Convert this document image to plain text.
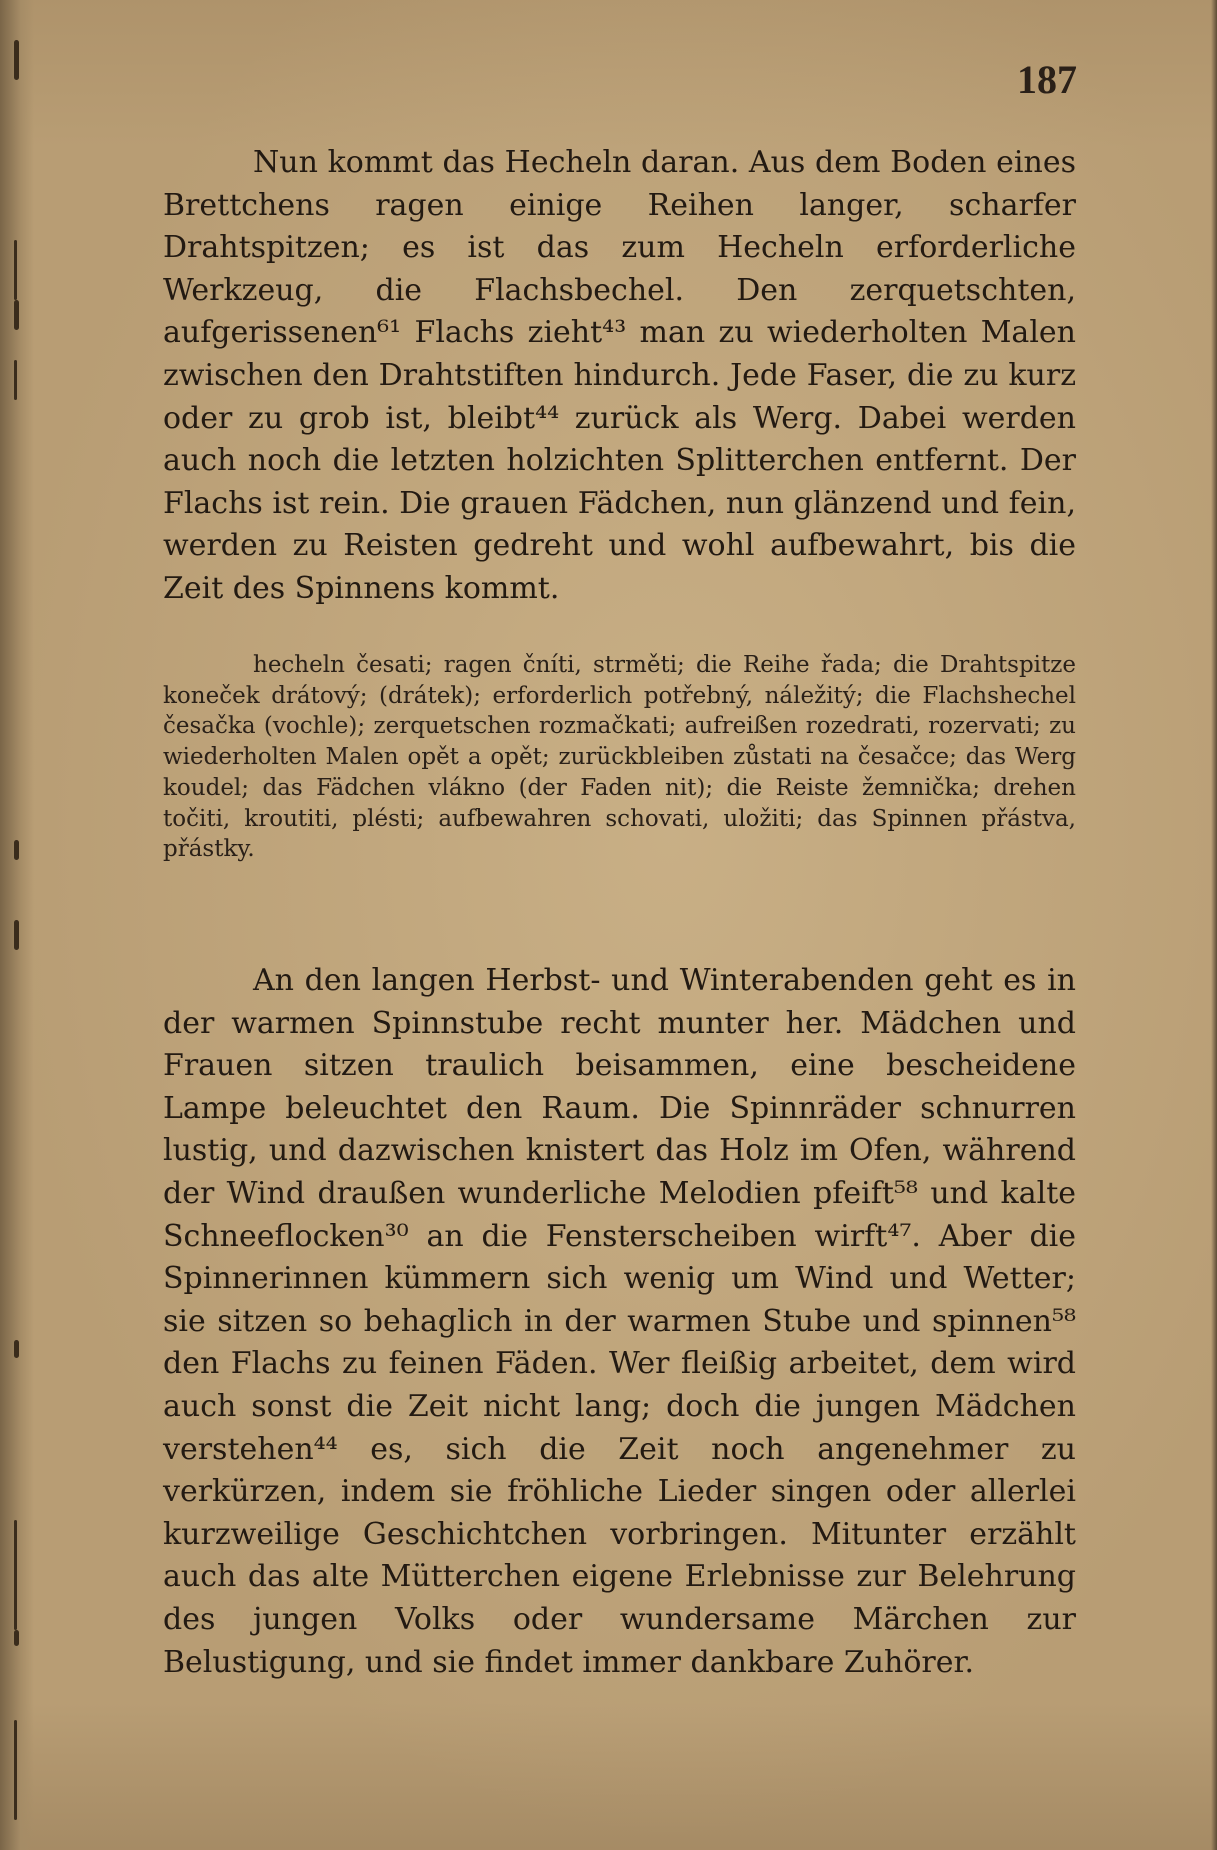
187

Nun kommt das Hecheln daran. Aus dem Boden eines Brettchens ragen einige Reihen langer, scharfer Drahtspitzen; es ist das zum Hecheln erforderliche Werkzeug, die Flachsbechel. Den zerquetschten, aufgerissenen⁶¹ Flachs zieht⁴³ man zu wiederholten Malen zwischen den Drahtstiften hindurch. Jede Faser, die zu kurz oder zu grob ist, bleibt⁴⁴ zurück als Werg. Dabei werden auch noch die letzten holzichten Splitterchen entfernt. Der Flachs ist rein. Die grauen Fädchen, nun glänzend und fein, werden zu Reisten gedreht und wohl aufbewahrt, bis die Zeit des Spinnens kommt.

hecheln česati; ragen čníti, strměti; die Reihe řada; die Drahtspitze koneček drátový; (drátek); erforderlich potřebný, náležitý; die Flachshechel česačka (vochle); zerquetschen rozmačkati; aufreißen rozedrati, rozervati; zu wiederholten Malen opět a opět; zurückbleiben zůstati na česačce; das Werg koudel; das Fädchen vlákno (der Faden nit); die Reiste žemnička; drehen točiti, kroutiti, plésti; aufbewahren schovati, uložiti; das Spinnen přástva, přástky.

An den langen Herbst- und Winterabenden geht es in der warmen Spinnstube recht munter her. Mädchen und Frauen sitzen traulich beisammen, eine bescheidene Lampe beleuchtet den Raum. Die Spinnräder schnurren lustig, und dazwischen knistert das Holz im Ofen, während der Wind draußen wunderliche Melodien pfeift⁵⁸ und kalte Schneeflocken³⁰ an die Fensterscheiben wirft⁴⁷. Aber die Spinnerinnen kümmern sich wenig um Wind und Wetter; sie sitzen so behaglich in der warmen Stube und spinnen⁵⁸ den Flachs zu feinen Fäden. Wer fleißig arbeitet, dem wird auch sonst die Zeit nicht lang; doch die jungen Mädchen verstehen⁴⁴ es, sich die Zeit noch angenehmer zu verkürzen, indem sie fröhliche Lieder singen oder allerlei kurzweilige Geschichtchen vorbringen. Mitunter erzählt auch das alte Mütterchen eigene Erlebnisse zur Belehrung des jungen Volks oder wundersame Märchen zur Belustigung, und sie findet immer dankbare Zuhörer.
